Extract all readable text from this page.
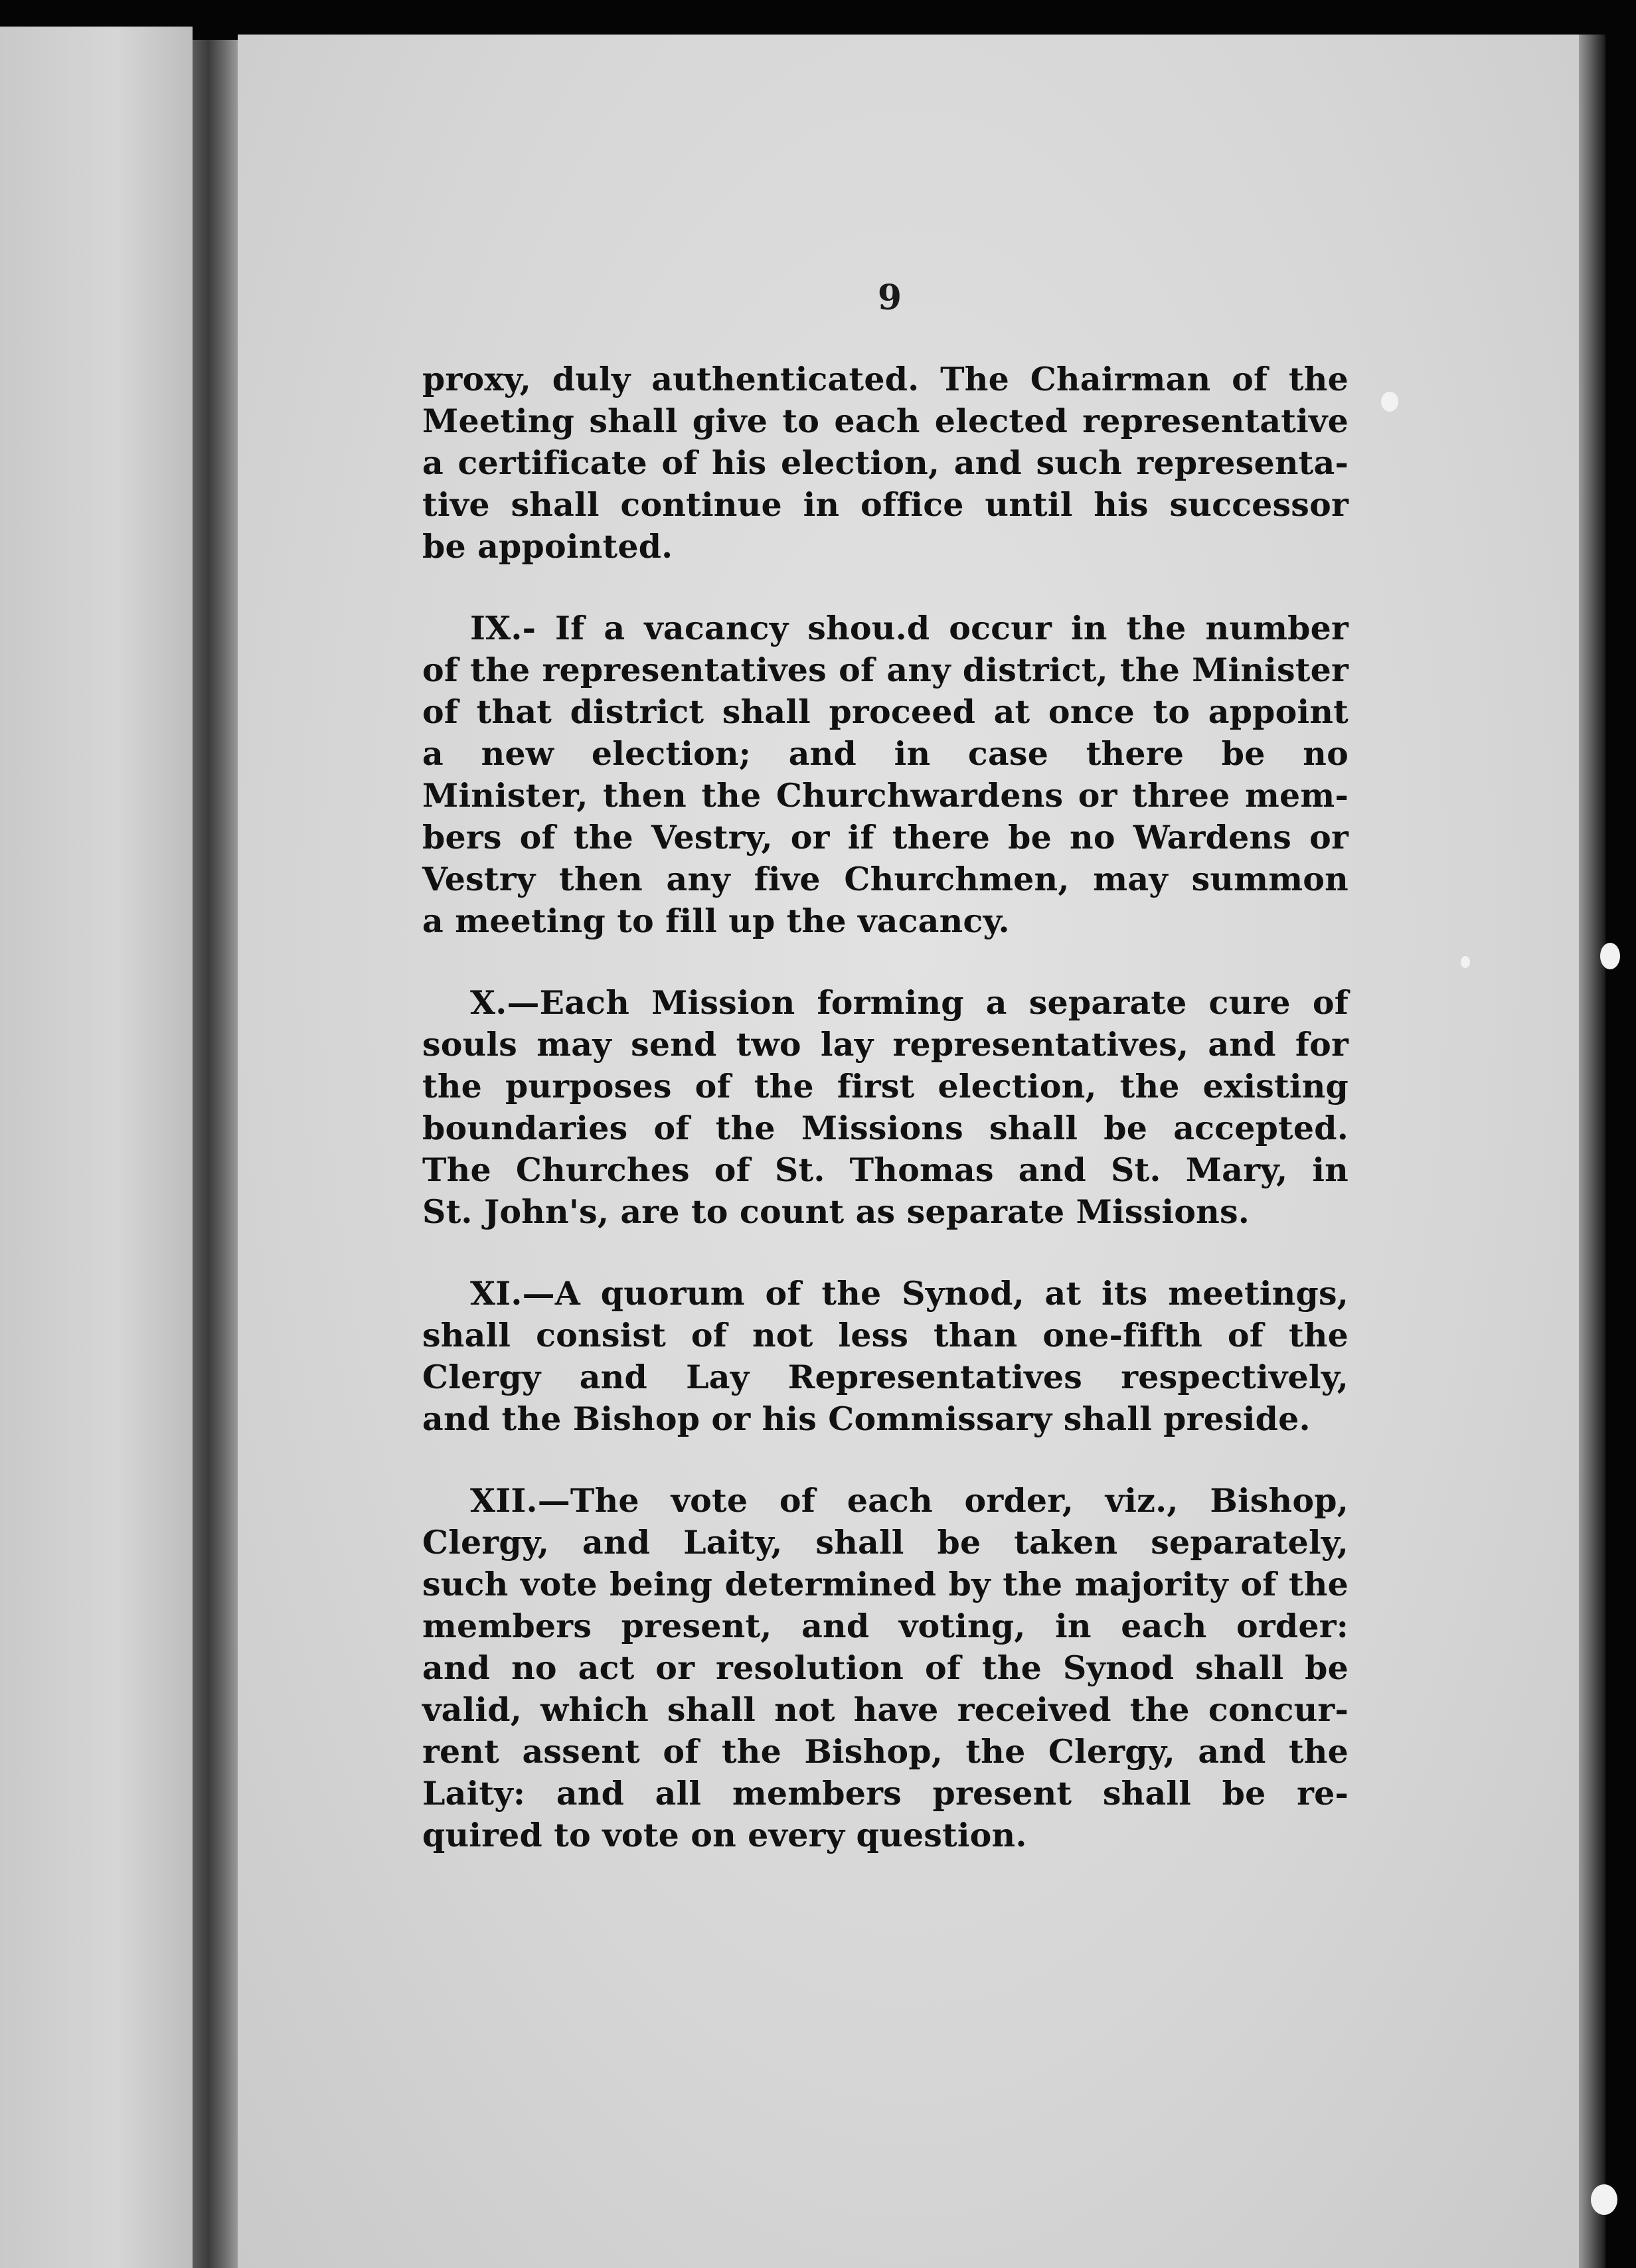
9

proxy, duly authenticated. The Chairman of the
Meeting shall give to each elected representative
a certificate of his election, and such representa-
tive shall continue in office until his successor
be appointed.

IX.- If a vacancy shou.d occur in the number
of the representatives of any district, the Minister
of that district shall proceed at once to appoint
a new election; and in case there be no
Minister, then the Churchwardens or three mem-
bers of the Vestry, or if there be no Wardens or
Vestry then any five Churchmen, may summon
a meeting to fill up the vacancy.

X.—Each Mission forming a separate cure of
souls may send two lay representatives, and for
the purposes of the first election, the existing
boundaries of the Missions shall be accepted.
The Churches of St. Thomas and St. Mary, in
St. John's, are to count as separate Missions.

XI.—A quorum of the Synod, at its meetings,
shall consist of not less than one-fifth of the
Clergy and Lay Representatives respectively,
and the Bishop or his Commissary shall preside.

XII.—The vote of each order, viz., Bishop,
Clergy, and Laity, shall be taken separately,
such vote being determined by the majority of the
members present, and voting, in each order:
and no act or resolution of the Synod shall be
valid, which shall not have received the concur-
rent assent of the Bishop, the Clergy, and the
Laity: and all members present shall be re-
quired to vote on every question.
